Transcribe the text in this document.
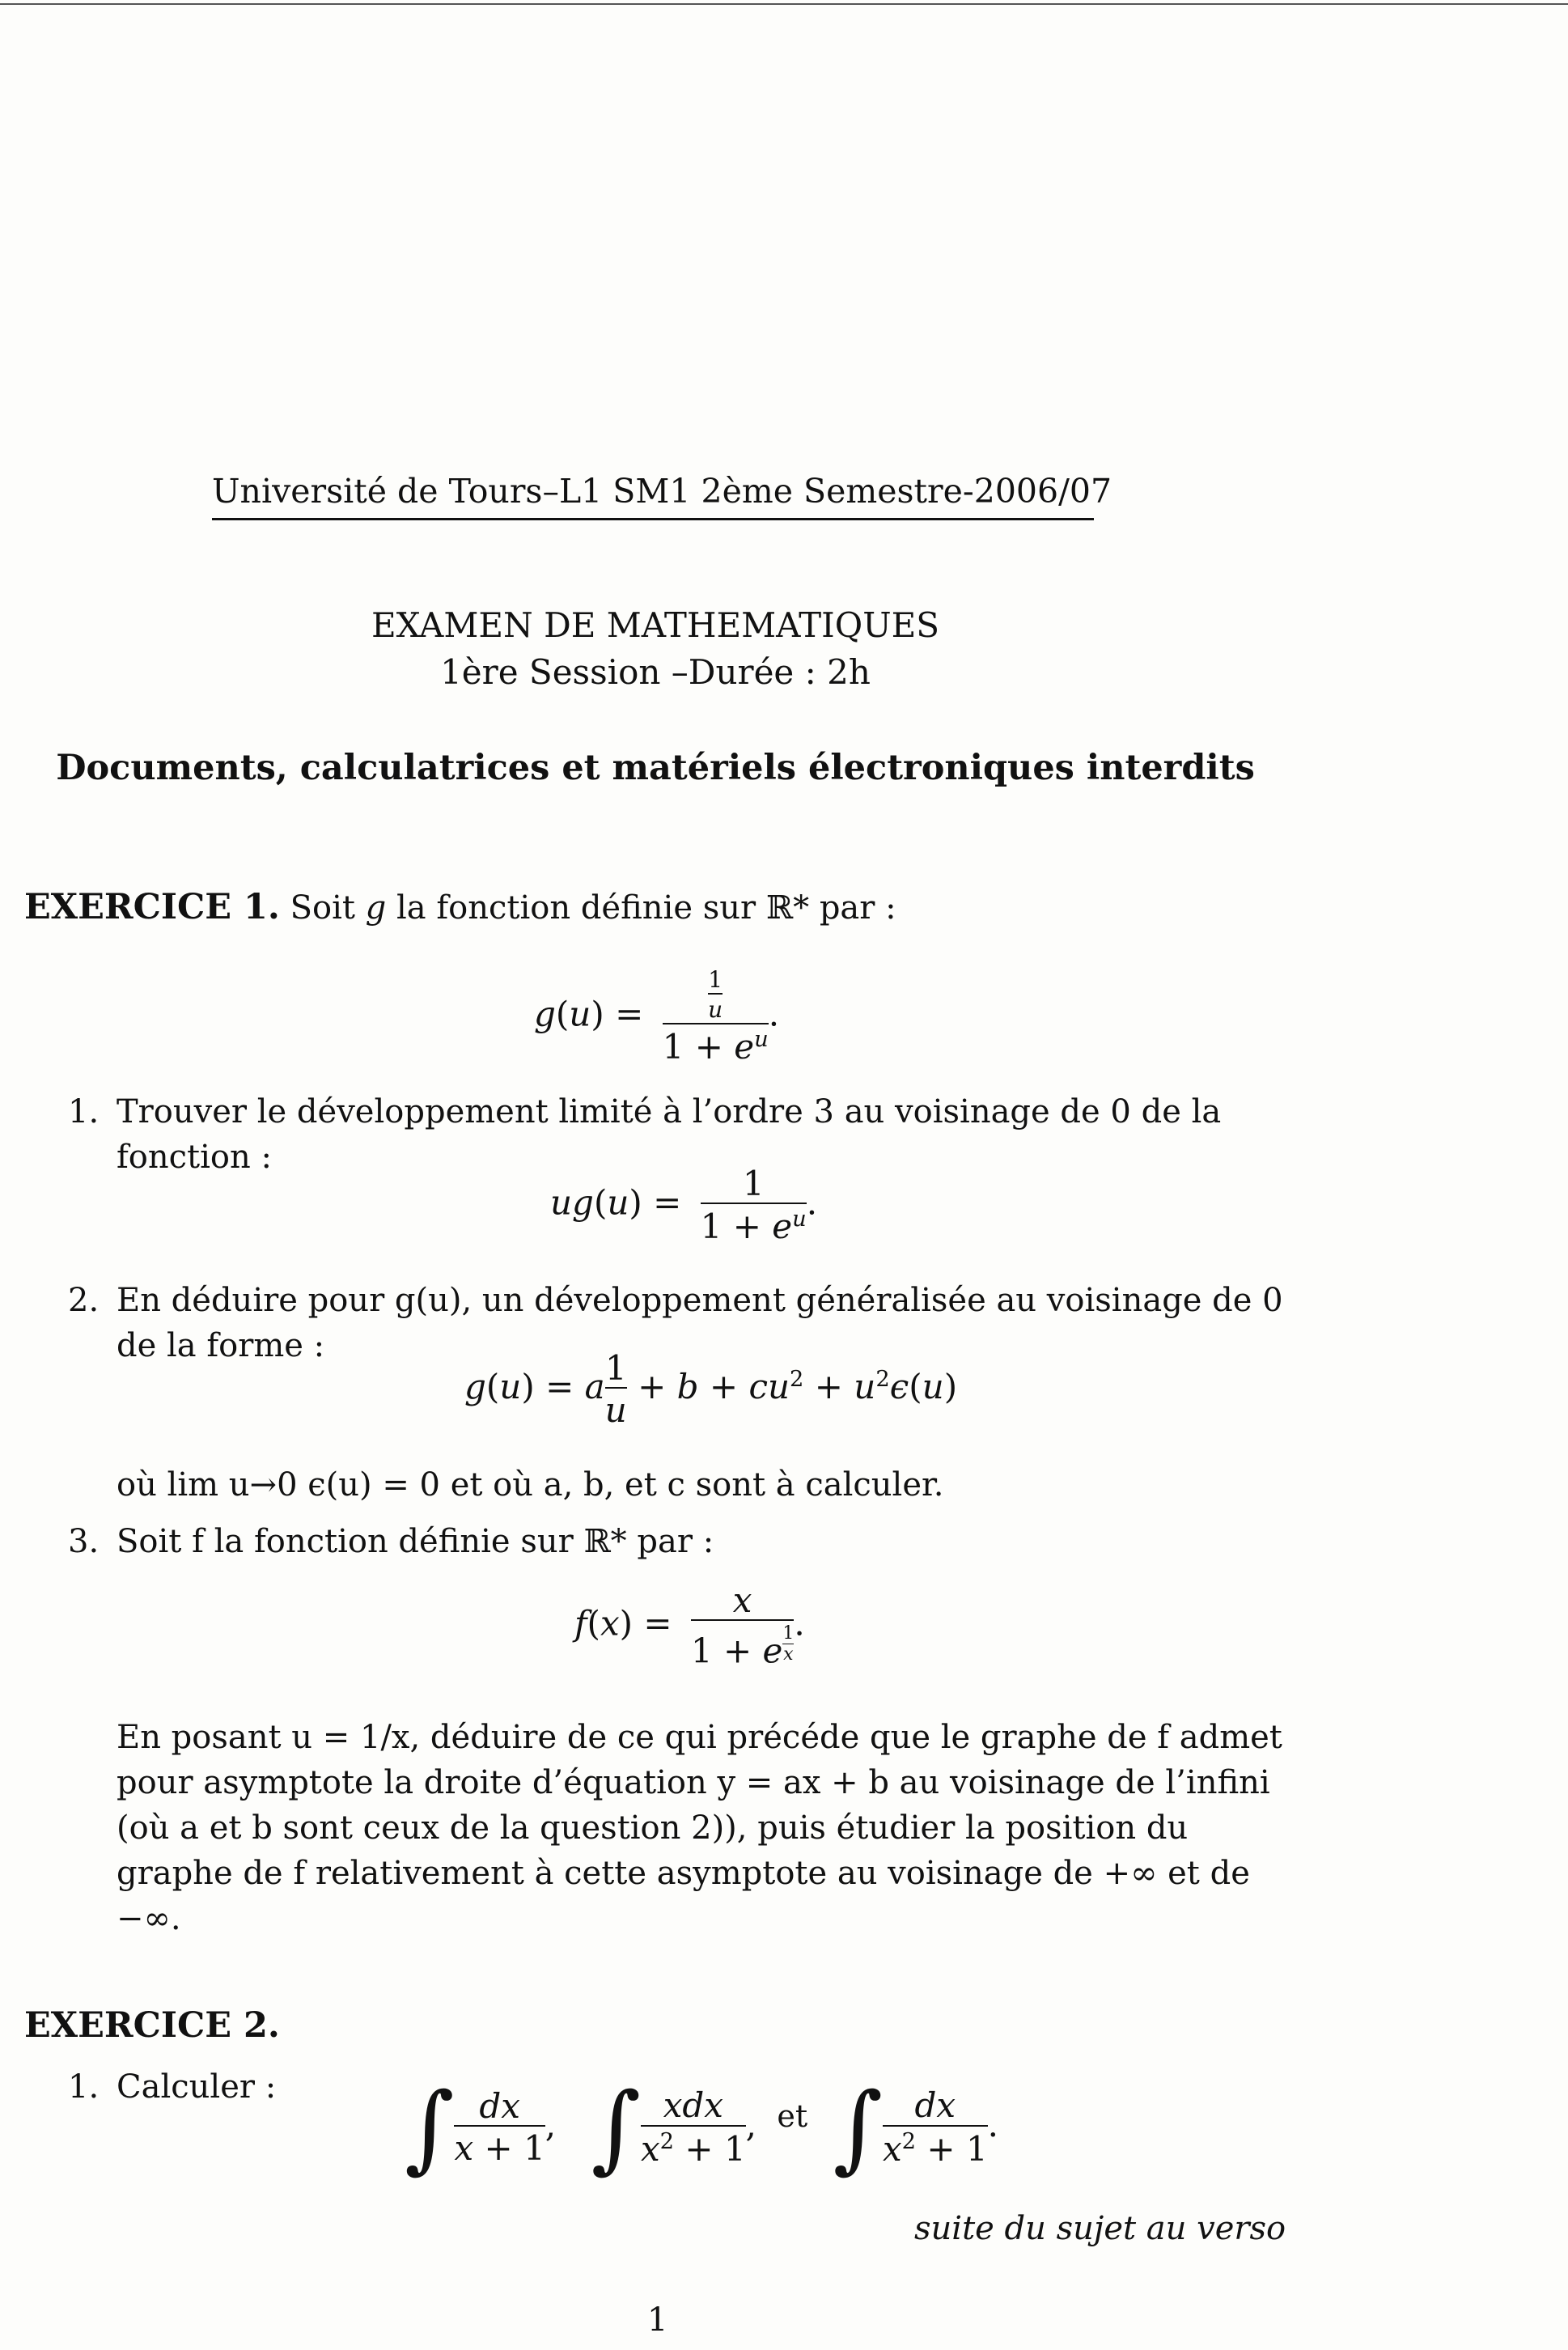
Université de Tours–L1 SM1 2ème Semestre-2006/07
EXAMEN DE MATHEMATIQUES
1ère Session –Durée : 2h
Documents, calculatrices et matériels électroniques interdits
EXERCICE 1. Soit g la fonction définie sur ℝ* par :
$g(u) = \frac{\frac{1}{u}}{1 + e^u}$ .
1. Trouver le développement limité à l’ordre 3 au voisinage de 0 de la
fonction :
$ug(u) = \frac{1}{1 + e^u}$ .
2. En déduire pour g(u), un développement généralisée au voisinage de 0
de la forme :
g(u) = a $\frac{1}{u} + b + cu^2 + u^2\epsilon(u)$
où lim u→0 ϵ(u) = 0 et où a, b, et c sont à calculer.
3. Soit f la fonction définie sur ℝ* par :
f(x) = x
1 + e $^{\frac{1}{x}}$ .
En posant u = 1/x, déduire de ce qui précéde que le graphe de f admet
pour asymptote la droite d’équation y = ax + b au voisinage de l’infini
(où a et b sont ceux de la question 2)), puis étudier la position du
graphe de f relativement à cette asymptote au voisinage de +∞ et de
−∞.
EXERCICE 2.
1. Calculer : ∫ $\frac{dx}{x + 1}$ , ∫ $\frac{\text{xdx}}{x^2 + 1}$ , et ∫ $\frac{dx}{x^2 + 1}$ .
suite du sujet au verso
1
